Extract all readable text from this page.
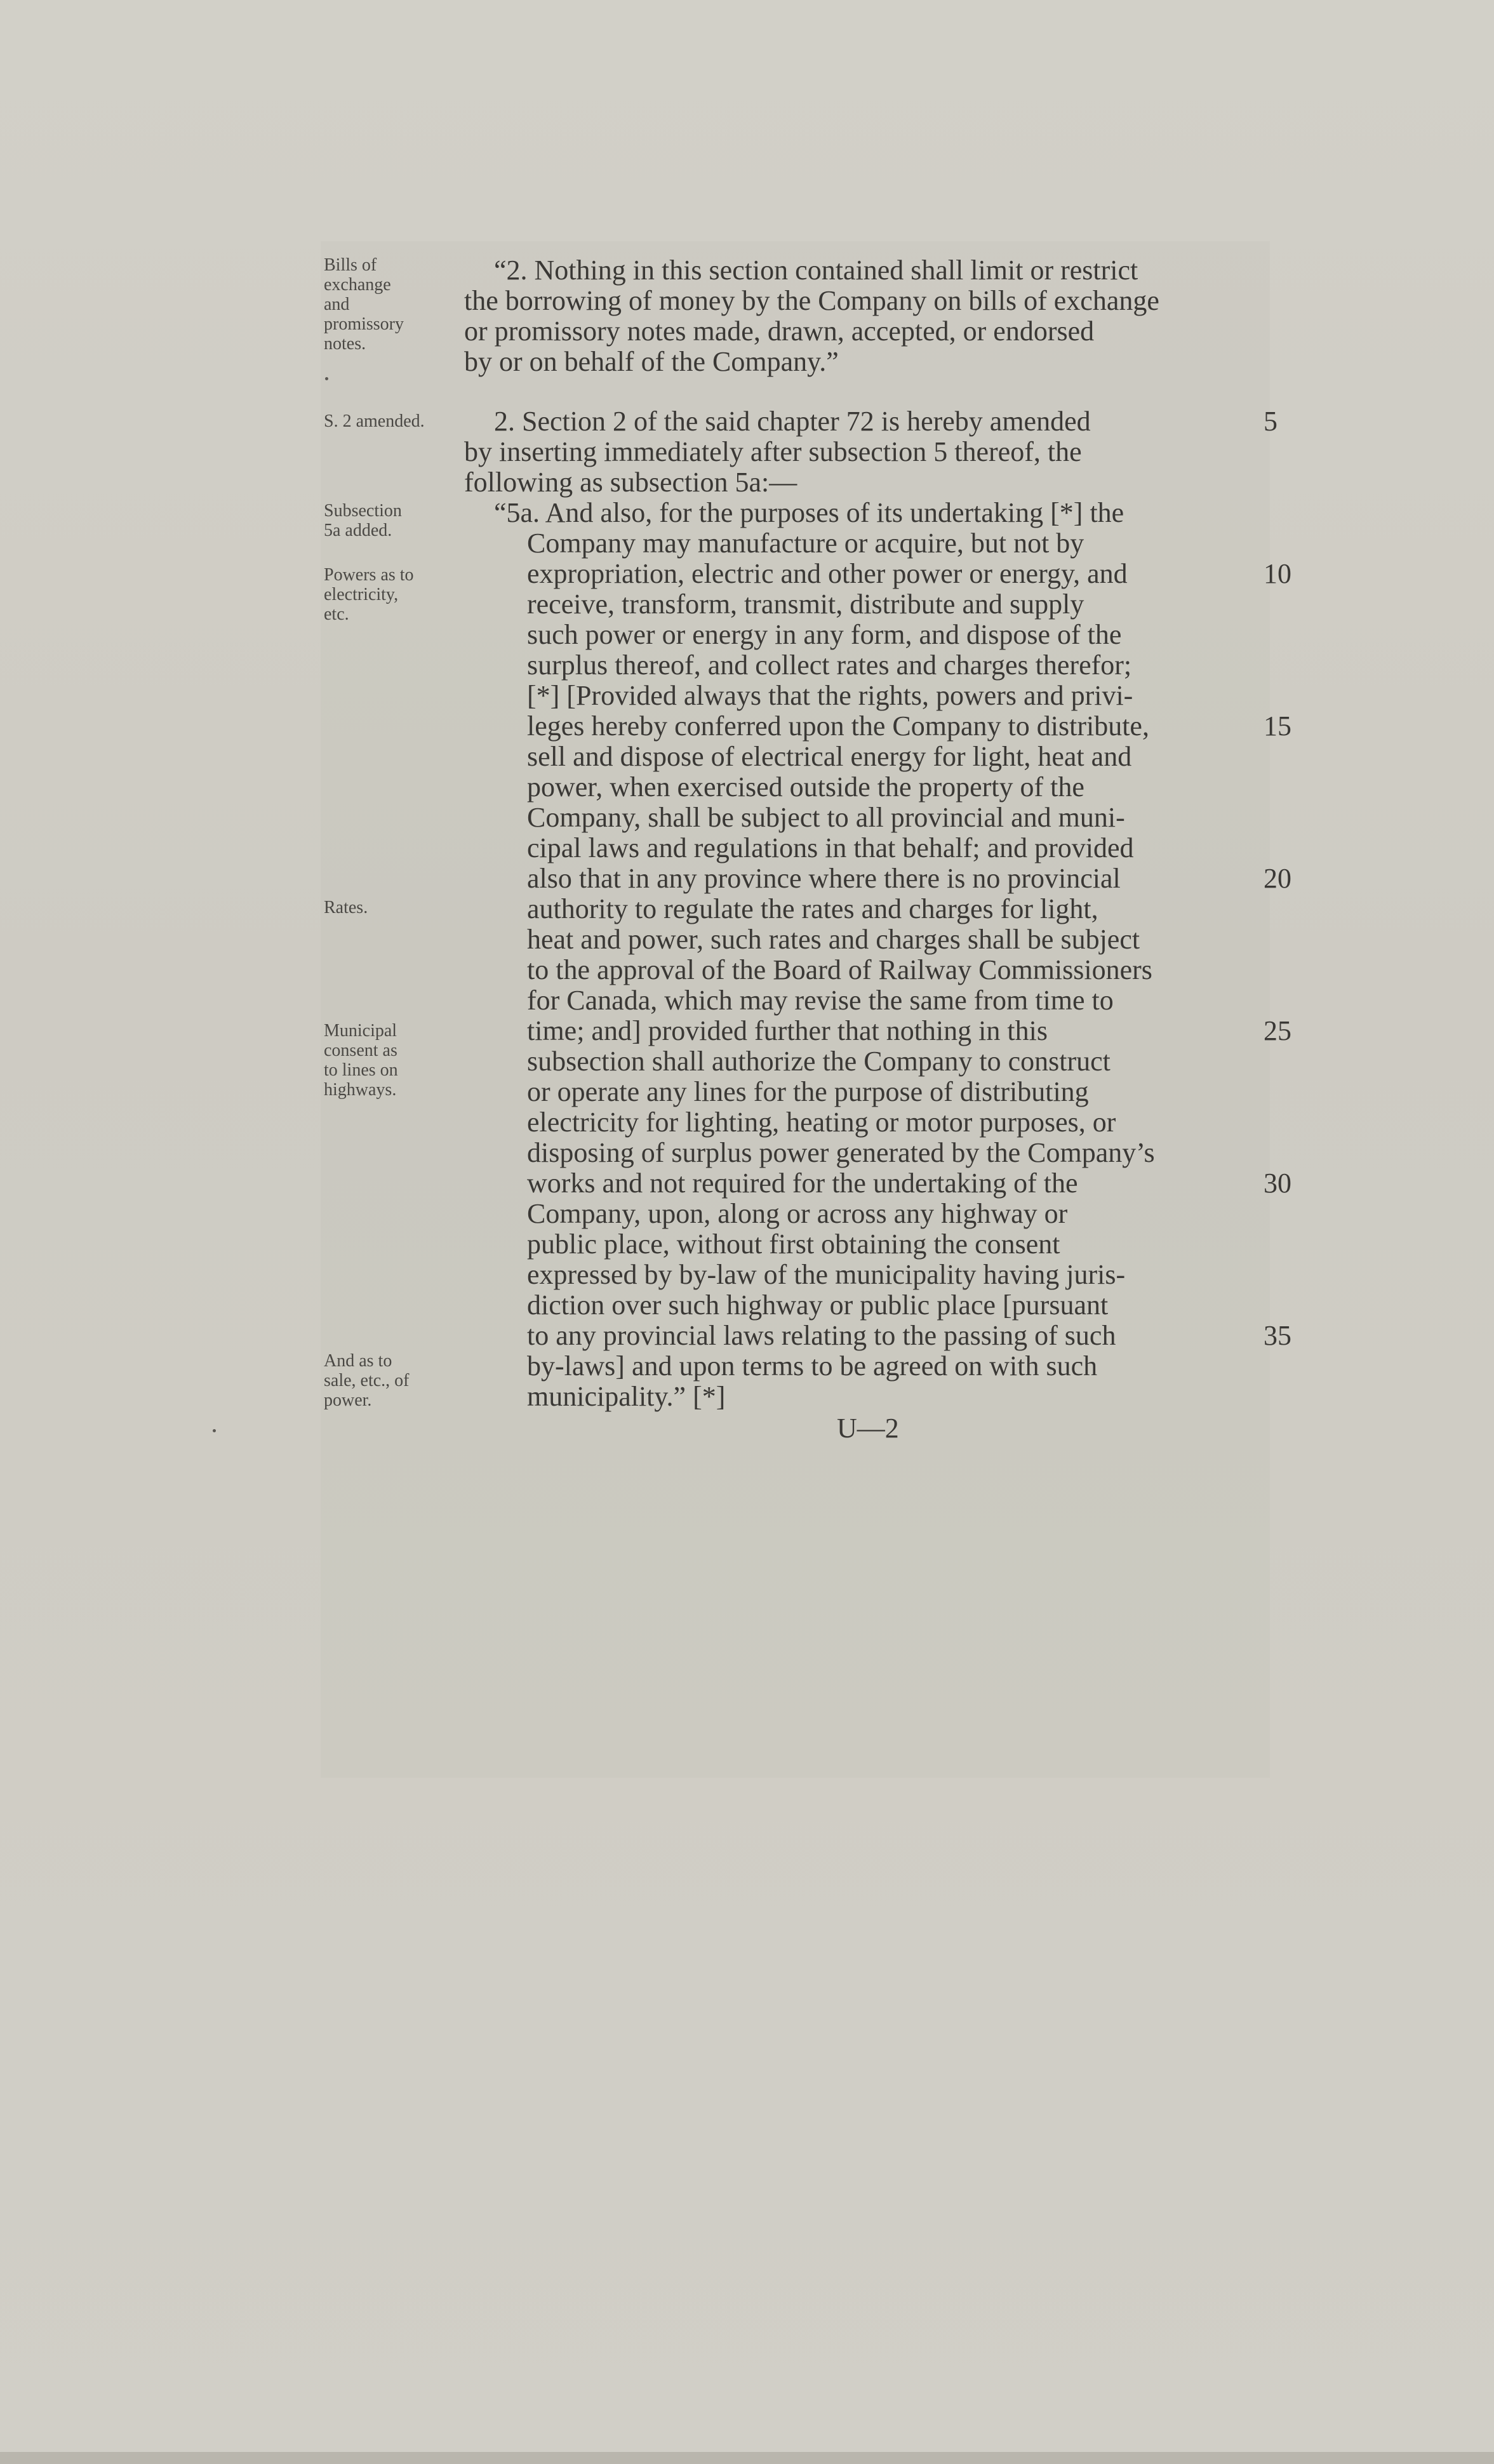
Bills of
exchange
and
promissory
notes.
S. 2 amended.
Subsection
5a added.
Powers as to
electricity,
etc.
Rates.
Municipal
consent as
to lines on
highways.
And as to
sale, etc., of
power.
“2. Nothing in this section contained shall limit or restrict
the borrowing of money by the Company on bills of exchange
or promissory notes made, drawn, accepted, or endorsed
by or on behalf of the Company.”
2. Section 2 of the said chapter 72 is hereby amended
by inserting immediately after subsection 5 thereof, the
following as subsection 5a:—
“5a. And also, for the purposes of its undertaking [*] the
Company may manufacture or acquire, but not by
expropriation, electric and other power or energy, and
receive, transform, transmit, distribute and supply
such power or energy in any form, and dispose of the
surplus thereof, and collect rates and charges therefor;
[*] [Provided always that the rights, powers and privi-
leges hereby conferred upon the Company to distribute,
sell and dispose of electrical energy for light, heat and
power, when exercised outside the property of the
Company, shall be subject to all provincial and muni-
cipal laws and regulations in that behalf; and provided
also that in any province where there is no provincial
authority to regulate the rates and charges for light,
heat and power, such rates and charges shall be subject
to the approval of the Board of Railway Commissioners
for Canada, which may revise the same from time to
time; and] provided further that nothing in this
subsection shall authorize the Company to construct
or operate any lines for the purpose of distributing
electricity for lighting, heating or motor purposes, or
disposing of surplus power generated by the Company’s
works and not required for the undertaking of the
Company, upon, along or across any highway or
public place, without first obtaining the consent
expressed by by-law of the municipality having juris-
diction over such highway or public place [pursuant
to any provincial laws relating to the passing of such
by-laws] and upon terms to be agreed on with such
municipality.” [*]
5
10
15
20
25
30
35
U—2
